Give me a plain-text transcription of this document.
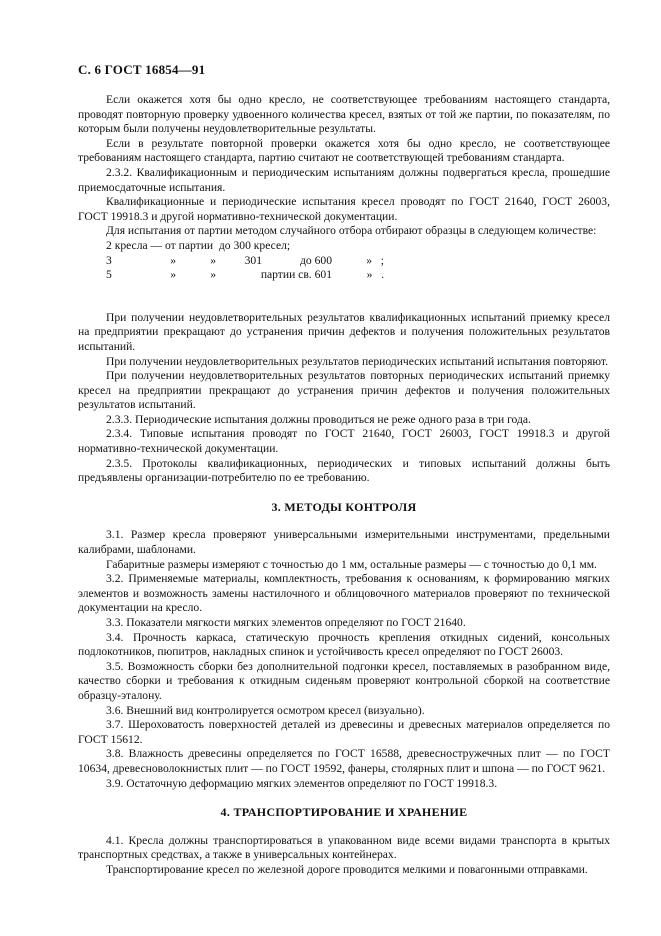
С. 6 ГОСТ 16854—91

Если окажется хотя бы одно кресло, не соответствующее требованиям настоящего стандарта, проводят повторную проверку удвоенного количества кресел, взятых от той же партии, по показателям, по которым были получены неудовлетворительные результаты.

Если в результате повторной проверки окажется хотя бы одно кресло, не соответствующее требованиям настоящего стандарта, партию считают не соответствующей требованиям стандарта.

2.3.2. Квалификационным и периодическим испытаниям должны подвергаться кресла, прошедшие приемосдаточные испытания.

Квалификационные и периодические испытания кресел проводят по ГОСТ 21640, ГОСТ 26003, ГОСТ 19918.3 и другой нормативно-технической документации.

Для испытания от партии методом случайного отбора отбирают образцы в следующем количестве:

2 кресла — от партии  до 300 кресел;
3	»	»	301	до 600	»   ;
5	»	»	партии св. 601	»   .

При получении неудовлетворительных результатов квалификационных испытаний приемку кресел на предприятии прекращают до устранения причин дефектов и получения положительных результатов испытаний.

При получении неудовлетворительных результатов периодических испытаний испытания повторяют.

При получении неудовлетворительных результатов повторных периодических испытаний приемку кресел на предприятии прекращают до устранения причин дефектов и получения положительных результатов испытаний.

2.3.3. Периодические испытания должны проводиться не реже одного раза в три года.

2.3.4. Типовые испытания проводят по ГОСТ 21640, ГОСТ 26003, ГОСТ 19918.3 и другой нормативно-технической документации.

2.3.5. Протоколы квалификационных, периодических и типовых испытаний должны быть предъявлены организации-потребителю по ее требованию.

3. МЕТОДЫ КОНТРОЛЯ

3.1. Размер кресла проверяют универсальными измерительными инструментами, предельными калибрами, шаблонами.

Габаритные размеры измеряют с точностью до 1 мм, остальные размеры — с точностью до 0,1 мм.

3.2. Применяемые материалы, комплектность, требования к основаниям, к формированию мягких элементов и возможность замены настилочного и облицовочного материалов проверяют по технической документации на кресло.

3.3. Показатели мягкости мягких элементов определяют по ГОСТ 21640.

3.4. Прочность каркаса, статическую прочность крепления откидных сидений, консольных подлокотников, пюпитров, накладных спинок и устойчивость кресел определяют по ГОСТ 26003.

3.5. Возможность сборки без дополнительной подгонки кресел, поставляемых в разобранном виде, качество сборки и требования к откидным сиденьям проверяют контрольной сборкой на соответствие образцу-эталону.

3.6. Внешний вид контролируется осмотром кресел (визуально).

3.7. Шероховатость поверхностей деталей из древесины и древесных материалов определяется по ГОСТ 15612.

3.8. Влажность древесины определяется по ГОСТ 16588, древесностружечных плит — по ГОСТ 10634, древесноволокнистых плит — по ГОСТ 19592, фанеры, столярных плит и шпона — по ГОСТ 9621.

3.9. Остаточную деформацию мягких элементов определяют по ГОСТ 19918.3.

4. ТРАНСПОРТИРОВАНИЕ И ХРАНЕНИЕ

4.1. Кресла должны транспортироваться в упакованном виде всеми видами транспорта в крытых транспортных средствах, а также в универсальных контейнерах.

Транспортирование кресел по железной дороге проводится мелкими и повагонными отправками.
